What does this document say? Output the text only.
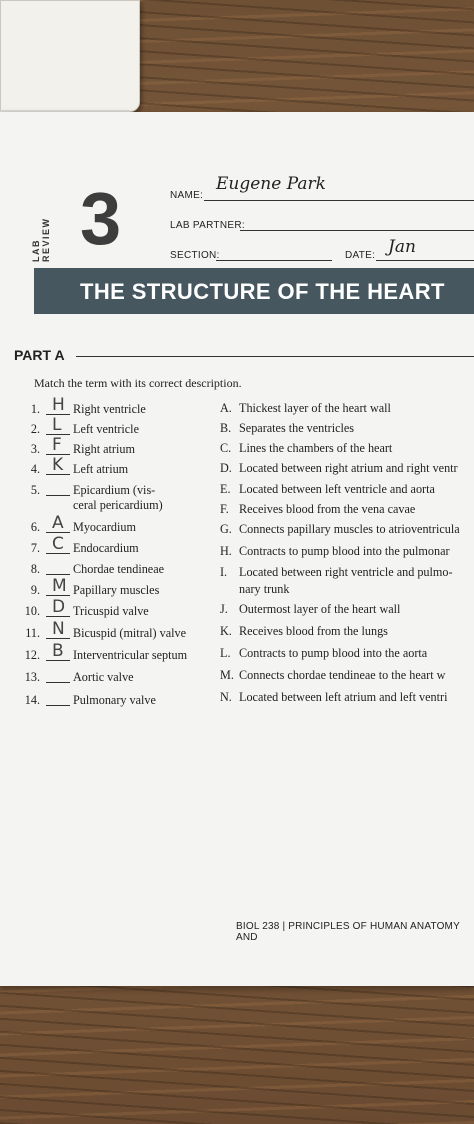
LAB REVIEW 3	NAME:
Eugene Park
LAB PARTNER:
SECTION:	DATE: Jan
THE STRUCTURE OF THE HEART
PART A
Match the term with its correct description.
1. H Right ventricle
2. L Left ventricle
3. F Right atrium
4. K Left atrium
5.	Epicardium (vis-
ceral pericardium)
6. A Myocardium
7. C Endocardium
8.	Chordae tendineae
9. M Papillary muscles
10. D Tricuspid valve
11. N Bicuspid (mitral) valve
12. B Interventricular septum
13.	Aortic valve
14.	Pulmonary valve
A. Thickest layer of the heart wall
B. Separates the ventricles
C. Lines the chambers of the heart
D. Located between right atrium and right ventr
E. Located between left ventricle and aorta
F. Receives blood from the vena cavae
G. Connects papillary muscles to atrioventricula
H. Contracts to pump blood into the pulmonar
I. Located between right ventricle and pulmo-
nary trunk
J. Outermost layer of the heart wall
K. Receives blood from the lungs
L. Contracts to pump blood into the aorta
M. Connects chordae tendineae to the heart w
N. Located between left atrium and left ventri
BIOL 238 | PRINCIPLES OF HUMAN ANATOMY AND
